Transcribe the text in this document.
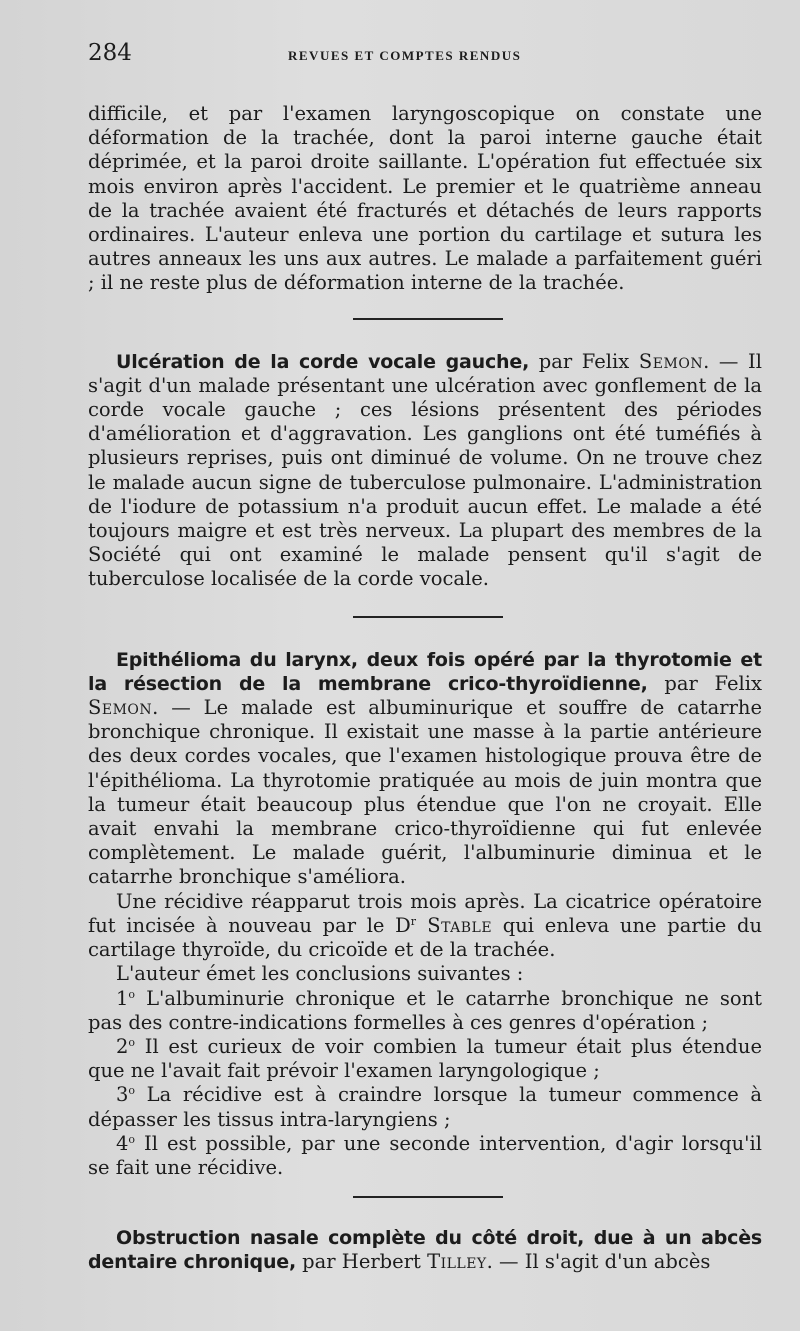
284	REVUES ET COMPTES RENDUS

difficile, et par l'examen laryngoscopique on constate une déformation de la trachée, dont la paroi interne gauche était déprimée, et la paroi droite saillante. L'opération fut effectuée six mois environ après l'accident. Le premier et le quatrième anneau de la trachée avaient été fracturés et détachés de leurs rapports ordinaires. L'auteur enleva une portion du cartilage et sutura les autres anneaux les uns aux autres. Le malade a parfaitement guéri ; il ne reste plus de déformation interne de la trachée.

Ulcération de la corde vocale gauche, par Felix Semon. — Il s'agit d'un malade présentant une ulcération avec gonflement de la corde vocale gauche ; ces lésions présentent des périodes d'amélioration et d'aggravation. Les ganglions ont été tuméfiés à plusieurs reprises, puis ont diminué de volume. On ne trouve chez le malade aucun signe de tuberculose pulmonaire. L'administration de l'iodure de potassium n'a produit aucun effet. Le malade a été toujours maigre et est très nerveux. La plupart des membres de la Société qui ont examiné le malade pensent qu'il s'agit de tuberculose localisée de la corde vocale.

Epithélioma du larynx, deux fois opéré par la thyrotomie et la résection de la membrane crico-thyroïdienne, par Felix Semon. — Le malade est albuminurique et souffre de catarrhe bronchique chronique. Il existait une masse à la partie antérieure des deux cordes vocales, que l'examen histologique prouva être de l'épithélioma. La thyrotomie pratiquée au mois de juin montra que la tumeur était beaucoup plus étendue que l'on ne croyait. Elle avait envahi la membrane crico-thyroïdienne qui fut enlevée complètement. Le malade guérit, l'albuminurie diminua et le catarrhe bronchique s'améliora.

Une récidive réapparut trois mois après. La cicatrice opératoire fut incisée à nouveau par le $D^r$ Stable qui enleva une partie du cartilage thyroïde, du cricoïde et de la trachée.

L'auteur émet les conclusions suivantes :

1$^o$ L'albuminurie chronique et le catarrhe bronchique ne sont pas des contre-indications formelles à ces genres d'opération ;

2$^o$ Il est curieux de voir combien la tumeur était plus étendue que ne l'avait fait prévoir l'examen laryngologique ;

3$^o$ La récidive est à craindre lorsque la tumeur commence à dépasser les tissus intra-laryngiens ;

4$^o$ Il est possible, par une seconde intervention, d'agir lorsqu'il se fait une récidive.

Obstruction nasale complète du côté droit, due à un abcès dentaire chronique, par Herbert Tilley. — Il s'agit d'un abcès
